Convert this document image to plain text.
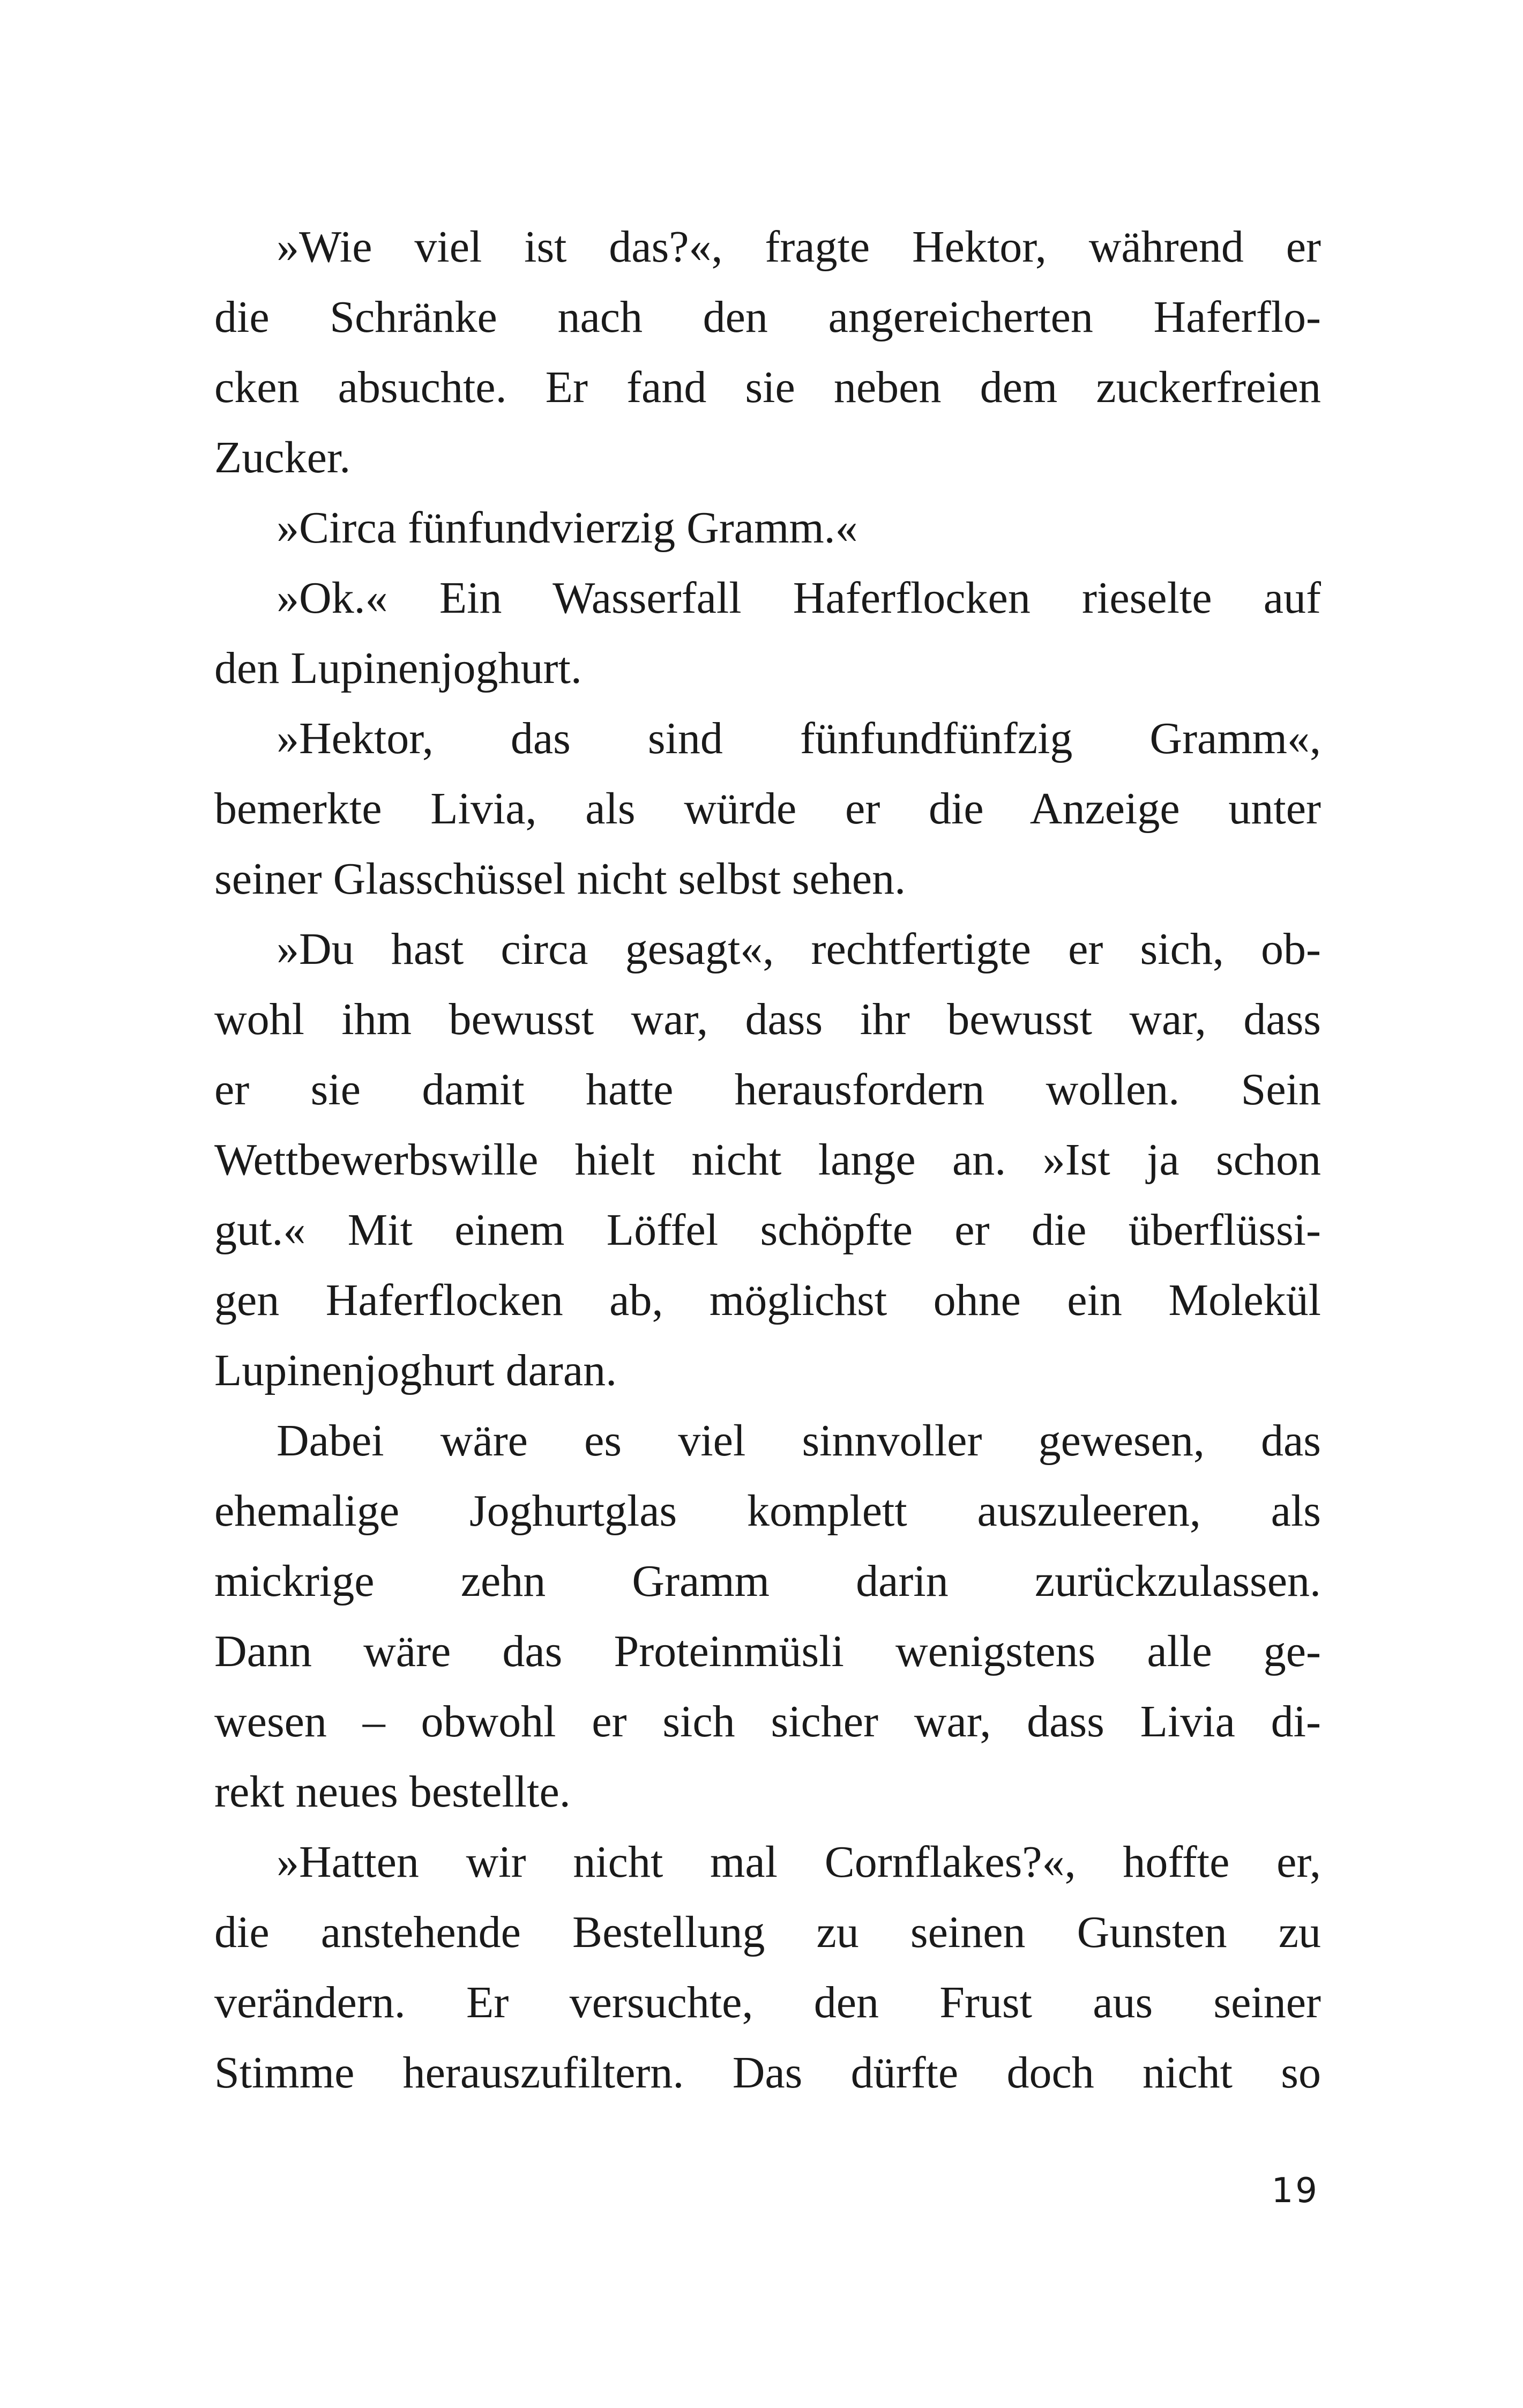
»Wie viel ist das?«, fragte Hektor, während er
die Schränke nach den angereicherten Haferflo-
cken absuchte. Er fand sie neben dem zuckerfreien
Zucker.
»Circa fünfundvierzig Gramm.«
»Ok.« Ein Wasserfall Haferflocken rieselte auf
den Lupinenjoghurt.
»Hektor, das sind fünfundfünfzig Gramm«,
bemerkte Livia, als würde er die Anzeige unter
seiner Glasschüssel nicht selbst sehen.
»Du hast circa gesagt«, rechtfertigte er sich, ob-
wohl ihm bewusst war, dass ihr bewusst war, dass
er sie damit hatte herausfordern wollen. Sein
Wettbewerbswille hielt nicht lange an. »Ist ja schon
gut.« Mit einem Löffel schöpfte er die überflüssi-
gen Haferflocken ab, möglichst ohne ein Molekül
Lupinenjoghurt daran.
Dabei wäre es viel sinnvoller gewesen, das
ehemalige Joghurtglas komplett auszuleeren, als
mickrige zehn Gramm darin zurückzulassen.
Dann wäre das Proteinmüsli wenigstens alle ge-
wesen – obwohl er sich sicher war, dass Livia di-
rekt neues bestellte.
»Hatten wir nicht mal Cornflakes?«, hoffte er,
die anstehende Bestellung zu seinen Gunsten zu
verändern. Er versuchte, den Frust aus seiner
Stimme herauszufiltern. Das dürfte doch nicht so
19
